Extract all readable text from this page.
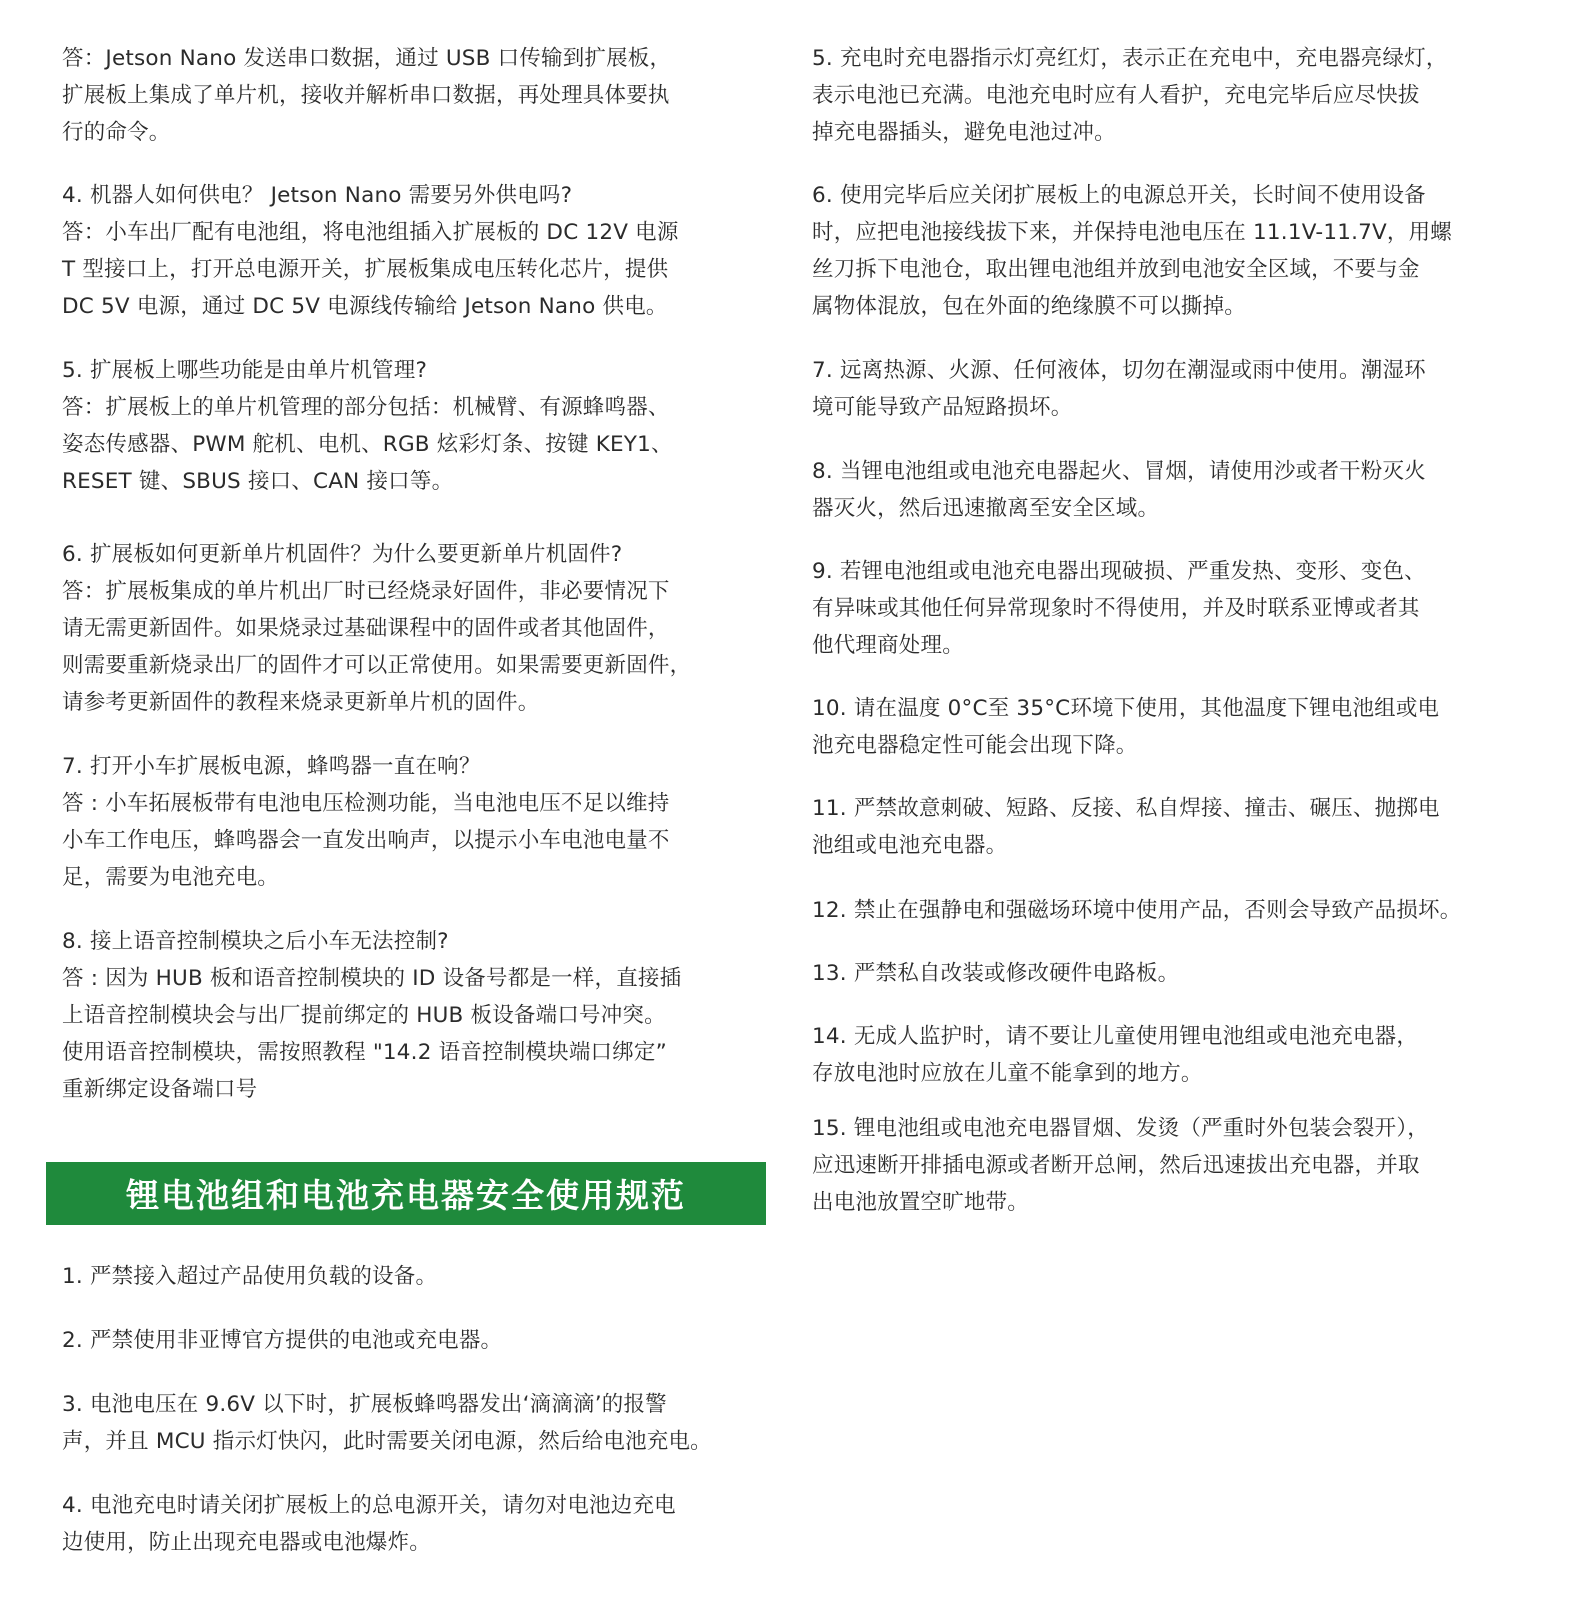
答：Jetson Nano 发送串口数据，通过 USB 口传输到扩展板，

扩展板上集成了单片机，接收并解析串口数据，再处理具体要执

行的命令。

4. 机器人如何供电？ Jetson Nano 需要另外供电吗?

答：小车出厂配有电池组，将电池组插入扩展板的 DC 12V 电源

T 型接口上，打开总电源开关，扩展板集成电压转化芯片，提供

DC 5V 电源，通过 DC 5V 电源线传输给 Jetson Nano 供电。

5. 扩展板上哪些功能是由单片机管理?

答：扩展板上的单片机管理的部分包括：机械臂、有源蜂鸣器、

姿态传感器、PWM 舵机、电机、RGB 炫彩灯条、按键 KEY1、

RESET 键、SBUS 接口、CAN 接口等。

6. 扩展板如何更新单片机固件？为什么要更新单片机固件?

答：扩展板集成的单片机出厂时已经烧录好固件，非必要情况下

请无需更新固件。如果烧录过基础课程中的固件或者其他固件，

则需要重新烧录出厂的固件才可以正常使用。如果需要更新固件，

请参考更新固件的教程来烧录更新单片机的固件。

7. 打开小车扩展板电源，蜂鸣器一直在响？

答 : 小车拓展板带有电池电压检测功能，当电池电压不足以维持

小车工作电压，蜂鸣器会一直发出响声，以提示小车电池电量不

足，需要为电池充电。

8. 接上语音控制模块之后小车无法控制?

答 : 因为 HUB 板和语音控制模块的 ID 设备号都是一样，直接插

上语音控制模块会与出厂提前绑定的 HUB 板设备端口号冲突。

使用语音控制模块，需按照教程 "14.2 语音控制模块端口绑定”

重新绑定设备端口号

锂电池组和电池充电器安全使用规范

1. 严禁接入超过产品使用负载的设备。

2. 严禁使用非亚博官方提供的电池或充电器。

3. 电池电压在 9.6V 以下时，扩展板蜂鸣器发出‘滴滴滴’的报警

声，并且 MCU 指示灯快闪，此时需要关闭电源，然后给电池充电。

4. 电池充电时请关闭扩展板上的总电源开关，请勿对电池边充电

边使用，防止出现充电器或电池爆炸。

5. 充电时充电器指示灯亮红灯，表示正在充电中，充电器亮绿灯，

表示电池已充满。电池充电时应有人看护，充电完毕后应尽快拔

掉充电器插头，避免电池过冲。

6. 使用完毕后应关闭扩展板上的电源总开关，长时间不使用设备

时，应把电池接线拔下来，并保持电池电压在 11.1V-11.7V，用螺

丝刀拆下电池仓，取出锂电池组并放到电池安全区域，不要与金

属物体混放，包在外面的绝缘膜不可以撕掉。

7. 远离热源、火源、任何液体，切勿在潮湿或雨中使用。潮湿环

境可能导致产品短路损坏。

8. 当锂电池组或电池充电器起火、冒烟，请使用沙或者干粉灭火

器灭火，然后迅速撤离至安全区域。

9. 若锂电池组或电池充电器出现破损、严重发热、变形、变色、

有异味或其他任何异常现象时不得使用，并及时联系亚博或者其

他代理商处理。

10. 请在温度 0°C至 35°C环境下使用，其他温度下锂电池组或电

池充电器稳定性可能会出现下降。

11. 严禁故意刺破、短路、反接、私自焊接、撞击、碾压、抛掷电

池组或电池充电器。

12. 禁止在强静电和强磁场环境中使用产品，否则会导致产品损坏。

13. 严禁私自改装或修改硬件电路板。

14. 无成人监护时，请不要让儿童使用锂电池组或电池充电器，

存放电池时应放在儿童不能拿到的地方。

15. 锂电池组或电池充电器冒烟、发烫（严重时外包装会裂开），

应迅速断开排插电源或者断开总闸，然后迅速拔出充电器，并取

出电池放置空旷地带。
